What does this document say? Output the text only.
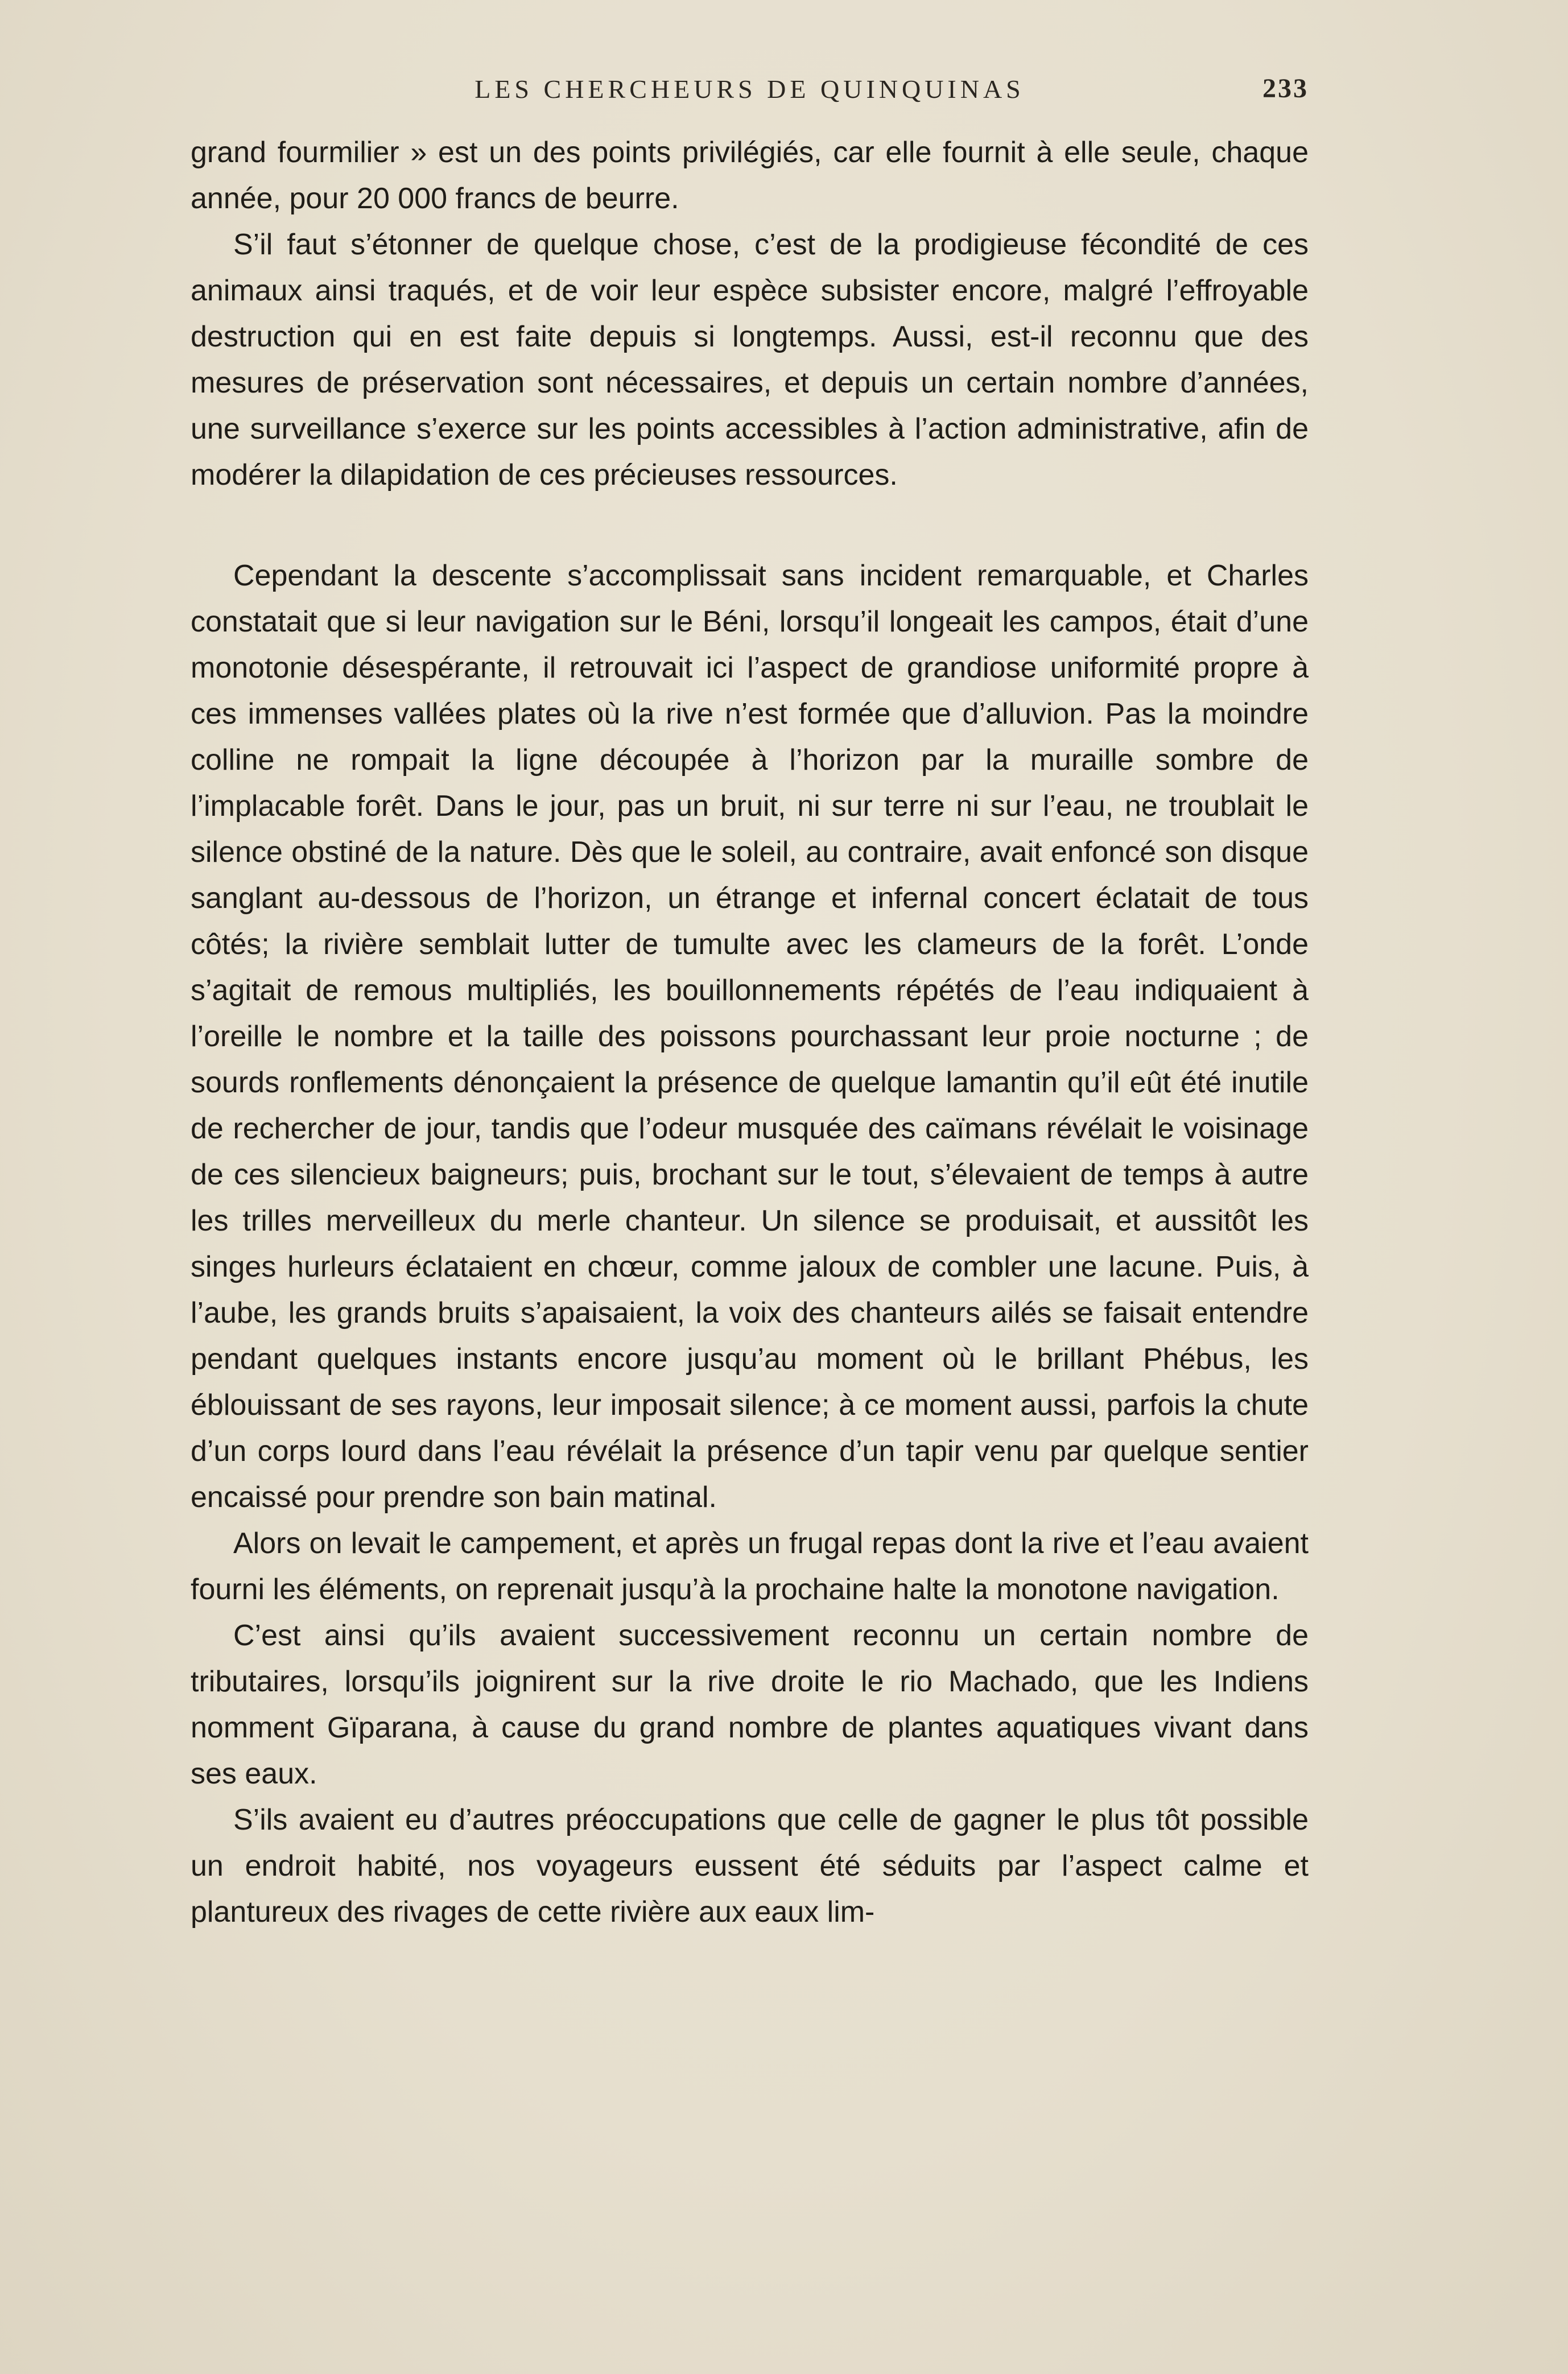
LES CHERCHEURS DE QUINQUINAS	233

grand fourmilier » est un des points privilégiés, car elle fournit à elle seule, chaque année, pour 20 000 francs de beurre.

S’il faut s’étonner de quelque chose, c’est de la prodigieuse fécondité de ces animaux ainsi traqués, et de voir leur espèce subsister encore, malgré l’effroyable destruction qui en est faite depuis si longtemps. Aussi, est-il reconnu que des mesures de préservation sont nécessaires, et depuis un certain nombre d’années, une surveillance s’exerce sur les points accessibles à l’action administrative, afin de modérer la dilapidation de ces précieuses ressources.

Cependant la descente s’accomplissait sans incident remarquable, et Charles constatait que si leur navigation sur le Béni, lorsqu’il longeait les campos, était d’une monotonie désespérante, il retrouvait ici l’aspect de grandiose uniformité propre à ces immenses vallées plates où la rive n’est formée que d’alluvion. Pas la moindre colline ne rompait la ligne découpée à l’horizon par la muraille sombre de l’implacable forêt. Dans le jour, pas un bruit, ni sur terre ni sur l’eau, ne troublait le silence obstiné de la nature. Dès que le soleil, au contraire, avait enfoncé son disque sanglant au-dessous de l’horizon, un étrange et infernal concert éclatait de tous côtés; la rivière semblait lutter de tumulte avec les clameurs de la forêt. L’onde s’agitait de remous multipliés, les bouillonnements répétés de l’eau indiquaient à l’oreille le nombre et la taille des poissons pourchassant leur proie nocturne ; de sourds ronflements dénonçaient la présence de quelque lamantin qu’il eût été inutile de rechercher de jour, tandis que l’odeur musquée des caïmans révélait le voisinage de ces silencieux baigneurs; puis, brochant sur le tout, s’élevaient de temps à autre les trilles merveilleux du merle chanteur. Un silence se produisait, et aussitôt les singes hurleurs éclataient en chœur, comme jaloux de combler une lacune. Puis, à l’aube, les grands bruits s’apaisaient, la voix des chanteurs ailés se faisait entendre pendant quelques instants encore jusqu’au moment où le brillant Phébus, les éblouissant de ses rayons, leur imposait silence; à ce moment aussi, parfois la chute d’un corps lourd dans l’eau révélait la présence d’un tapir venu par quelque sentier encaissé pour prendre son bain matinal.

Alors on levait le campement, et après un frugal repas dont la rive et l’eau avaient fourni les éléments, on reprenait jusqu’à la prochaine halte la monotone navigation.

C’est ainsi qu’ils avaient successivement reconnu un certain nombre de tributaires, lorsqu’ils joignirent sur la rive droite le rio Machado, que les Indiens nomment Gïparana, à cause du grand nombre de plantes aquatiques vivant dans ses eaux.

S’ils avaient eu d’autres préoccupations que celle de gagner le plus tôt possible un endroit habité, nos voyageurs eussent été séduits par l’aspect calme et plantureux des rivages de cette rivière aux eaux lim-
